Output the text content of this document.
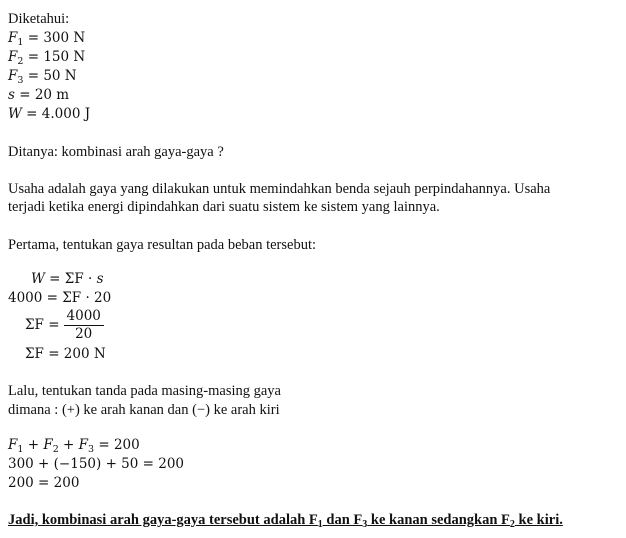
Diketahui:
$F_1 = 300$ N
$F_2 = 150$ N
$F_3 = 50$ N
s = 20 m
W = 4.000 J
Ditanya: kombinasi arah gaya-gaya ?
Usaha adalah gaya yang dilakukan untuk memindahkan benda sejauh perpindahannya. Usaha
terjadi ketika energi dipindahkan dari suatu sistem ke sistem yang lainnya.
Pertama, tentukan gaya resultan pada beban tersebut:
W = ΣF · s
4000 = ΣF · 20
$\Sigma F = \frac{4000}{20}$
ΣF = 200 N
Lalu, tentukan tanda pada masing-masing gaya
dimana : (+) ke arah kanan dan (−) ke arah kiri
$F_1 + F_2 + F_3 = 200$
300 + (−150) + 50 = 200
200 = 200
Jadi, kombinasi arah gaya-gaya tersebut adalah $F_1$ dan $F_3$ ke kanan sedangkan $F_2$ ke kiri.
